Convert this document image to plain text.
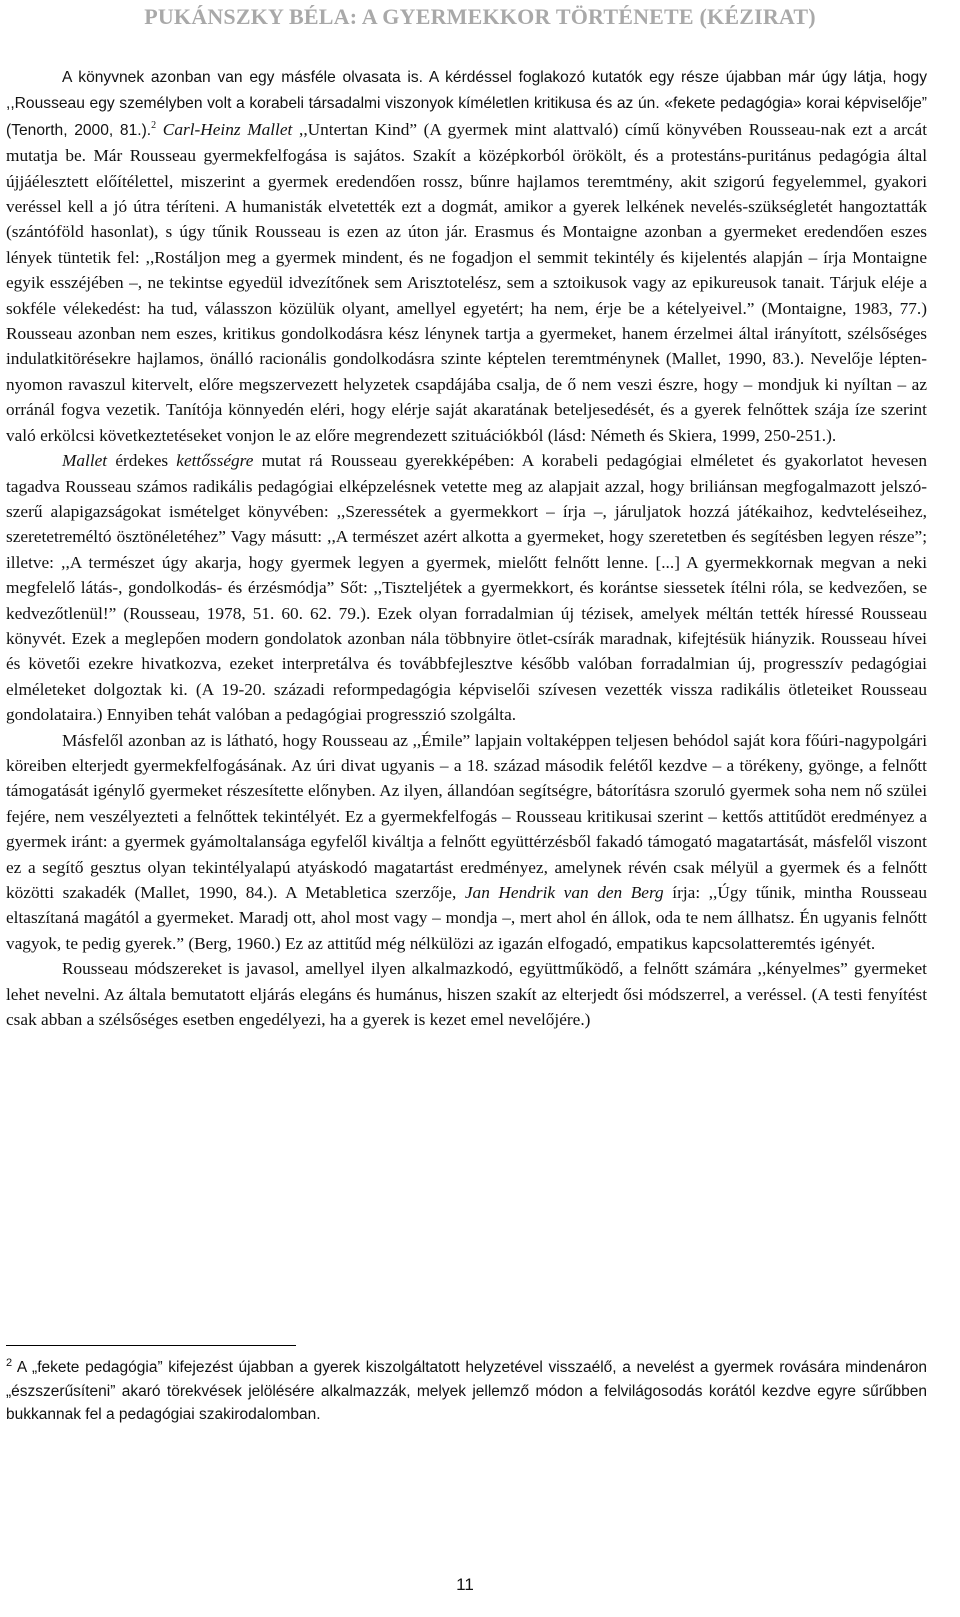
PUKÁNSZKY BÉLA: A GYERMEKKOR TÖRTÉNETE (KÉZIRAT)

A könyvnek azonban van egy másféle olvasata is. A kérdéssel foglakozó kutatók egy része újabban már úgy látja, hogy ,,Rousseau egy személyben volt a korabeli társadalmi viszonyok kíméletlen kritikusa és az ún. «fekete pedagógia» korai képviselője” (Tenorth, 2000, 81.).$^2$ Carl-Heinz Mallet ,,Untertan Kind” (A gyermek mint alattvaló) című könyvében Rousseau-nak ezt a arcát mutatja be. Már Rousseau gyermekfelfogása is sajátos. Szakít a középkorból örökölt, és a protestáns-puritánus pedagógia által újjáélesztett előítélettel, miszerint a gyermek eredendően rossz, bűnre hajlamos teremtmény, akit szigorú fegyelemmel, gyakori veréssel kell a jó útra téríteni. A humanisták elvetették ezt a dogmát, amikor a gyerek lelkének nevelés-szükségletét hangoztatták (szántóföld hasonlat), s úgy tűnik Rousseau is ezen az úton jár. Erasmus és Montaigne azonban a gyermeket eredendően eszes lények tüntetik fel: ,,Rostáljon meg a gyermek mindent, és ne fogadjon el semmit tekintély és kijelentés alapján – írja Montaigne egyik esszéjében –, ne tekintse egyedül idvezítőnek sem Arisztotelész, sem a sztoikusok vagy az epikureusok tanait. Tárjuk eléje a sokféle vélekedést: ha tud, válasszon közülük olyant, amellyel egyetért; ha nem, érje be a kételyeivel.” (Montaigne, 1983, 77.) Rousseau azonban nem eszes, kritikus gondolkodásra kész lénynek tartja a gyermeket, hanem érzelmei által irányított, szélsőséges indulatkitörésekre hajlamos, önálló racionális gondolkodásra szinte képtelen teremtménynek (Mallet, 1990, 83.). Nevelője lépten-nyomon ravaszul kitervelt, előre megszervezett helyzetek csapdájába csalja, de ő nem veszi észre, hogy – mondjuk ki nyíltan – az orránál fogva vezetik. Tanítója könnyedén eléri, hogy elérje saját akaratának beteljesedését, és a gyerek felnőttek szája íze szerint való erkölcsi következtetéseket vonjon le az előre megrendezett szituációkból (lásd: Németh és Skiera, 1999, 250-251.).

Mallet érdekes kettősségre mutat rá Rousseau gyerekképében: A korabeli pedagógiai elméletet és gyakorlatot hevesen tagadva Rousseau számos radikális pedagógiai elképzelésnek vetette meg az alapjait azzal, hogy briliánsan megfogalmazott jelszó-szerű alapigazságokat ismételget könyvében: ,,Szeressétek a gyermekkort – írja –, járuljatok hozzá játékaihoz, kedvteléseihez, szeretetreméltó ösztönéletéhez” Vagy másutt: ,,A természet azért alkotta a gyermeket, hogy szeretetben és segítésben legyen része”; illetve: ,,A természet úgy akarja, hogy gyermek legyen a gyermek, mielőtt felnőtt lenne. [...] A gyermekkornak megvan a neki megfelelő látás-, gondolkodás- és érzésmódja” Sőt: ,,Tiszteljétek a gyermekkort, és korántse siessetek ítélni róla, se kedvezően, se kedvezőtlenül!” (Rousseau, 1978, 51. 60. 62. 79.). Ezek olyan forradalmian új tézisek, amelyek méltán tették híressé Rousseau könyvét. Ezek a meglepően modern gondolatok azonban nála többnyire ötlet-csírák maradnak, kifejtésük hiányzik. Rousseau hívei és követői ezekre hivatkozva, ezeket interpretálva és továbbfejlesztve később valóban forradalmian új, progresszív pedagógiai elméleteket dolgoztak ki. (A 19-20. századi reformpedagógia képviselői szívesen vezették vissza radikális ötleteiket Rousseau gondolataira.) Ennyiben tehát valóban a pedagógiai progresszió szolgálta.

Másfelől azonban az is látható, hogy Rousseau az ,,Émile” lapjain voltaképpen teljesen behódol saját kora főúri-nagypolgári köreiben elterjedt gyermekfelfogásának. Az úri divat ugyanis – a 18. század második felétől kezdve – a törékeny, gyönge, a felnőtt támogatását igénylő gyermeket részesítette előnyben. Az ilyen, állandóan segítségre, bátorításra szoruló gyermek soha nem nő szülei fejére, nem veszélyezteti a felnőttek tekintélyét. Ez a gyermekfelfogás – Rousseau kritikusai szerint – kettős attitűdöt eredményez a gyermek iránt: a gyermek gyámoltalansága egyfelől kiváltja a felnőtt együttérzésből fakadó támogató magatartását, másfelől viszont ez a segítő gesztus olyan tekintélyalapú atyáskodó magatartást eredményez, amelynek révén csak mélyül a gyermek és a felnőtt közötti szakadék (Mallet, 1990, 84.). A Metabletica szerzője, Jan Hendrik van den Berg írja: ,,Úgy tűnik, mintha Rousseau eltaszítaná magától a gyermeket. Maradj ott, ahol most vagy – mondja –, mert ahol én állok, oda te nem állhatsz. Én ugyanis felnőtt vagyok, te pedig gyerek.” (Berg, 1960.) Ez az attitűd még nélkülözi az igazán elfogadó, empatikus kapcsolatteremtés igényét.

Rousseau módszereket is javasol, amellyel ilyen alkalmazkodó, együttműködő, a felnőtt számára ,,kényelmes” gyermeket lehet nevelni. Az általa bemutatott eljárás elegáns és humánus, hiszen szakít az elterjedt ősi módszerrel, a veréssel. (A testi fenyítést csak abban a szélsőséges esetben engedélyezi, ha a gyerek is kezet emel nevelőjére.)

$^2$ A „fekete pedagógia” kifejezést újabban a gyerek kiszolgáltatott helyzetével visszaélő, a nevelést a gyermek rovására mindenáron „észszerűsíteni” akaró törekvések jelölésére alkalmazzák, melyek jellemző módon a felvilágosodás korától kezdve egyre sűrűbben bukkannak fel a pedagógiai szakirodalomban.
11
